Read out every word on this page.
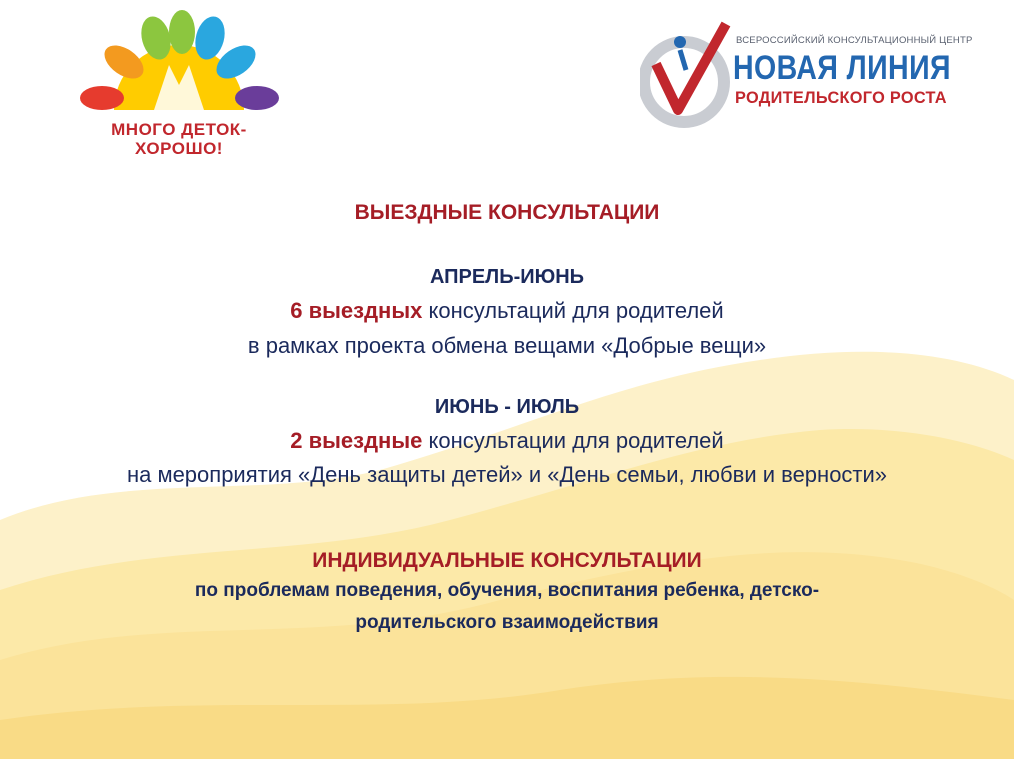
МНОГО ДЕТОК-
ХОРОШО!
ВСЕРОССИЙСКИЙ КОНСУЛЬТАЦИОННЫЙ ЦЕНТР
НОВАЯ ЛИНИЯ
РОДИТЕЛЬСКОГО РОСТА
ВЫЕЗДНЫЕ КОНСУЛЬТАЦИИ
АПРЕЛЬ-ИЮНЬ
6 выездных консультаций для родителей
в рамках проекта обмена вещами «Добрые вещи»
ИЮНЬ - ИЮЛЬ
2 выездные консультации для родителей
на мероприятия «День защиты детей» и «День семьи, любви и верности»
ИНДИВИДУАЛЬНЫЕ КОНСУЛЬТАЦИИ
по проблемам поведения, обучения, воспитания ребенка, детско-
родительского взаимодействия
